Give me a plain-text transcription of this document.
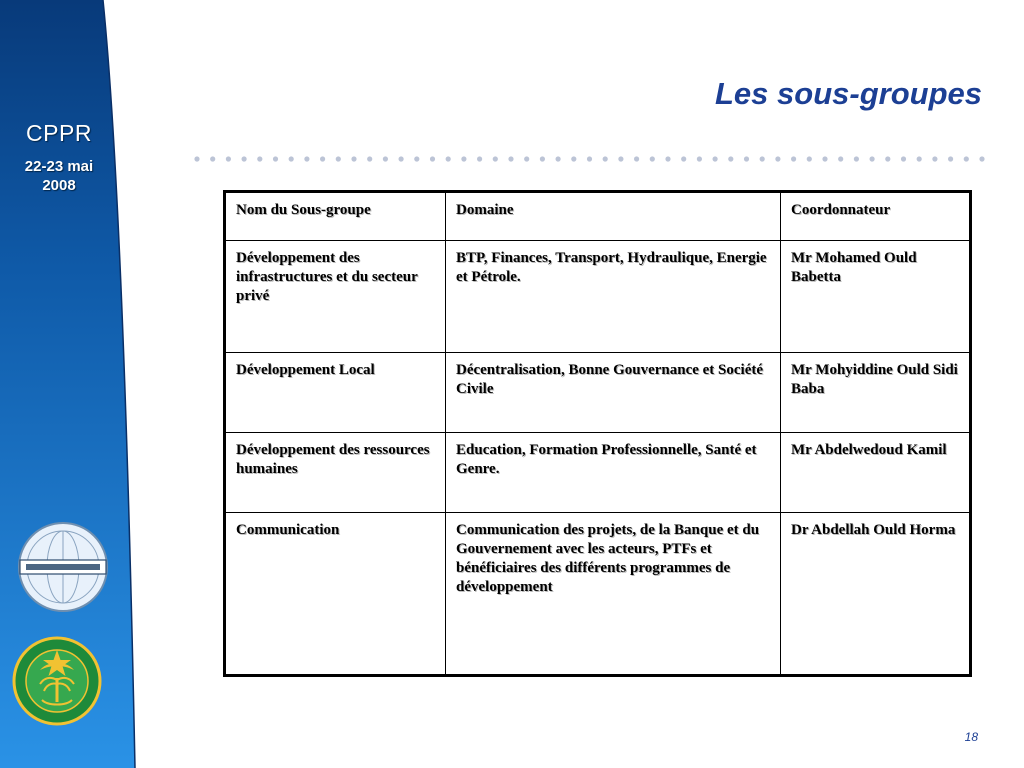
CPPR
22-23 mai
2008
Les sous-groupes
Nom du Sous-groupe	Domaine	Coordonnateur
Développement des infrastructures et du secteur privé	BTP, Finances, Transport, Hydraulique, Energie et Pétrole.	Mr Mohamed Ould Babetta
Développement Local	Décentralisation, Bonne Gouvernance et Société Civile	Mr Mohyiddine Ould Sidi Baba
Développement des ressources humaines	Education, Formation Professionnelle, Santé et Genre.	Mr Abdelwedoud Kamil
Communication	Communication des projets, de la Banque et du Gouvernement avec les acteurs, PTFs et bénéficiaires des différents programmes de développement	Dr Abdellah Ould Horma
18
